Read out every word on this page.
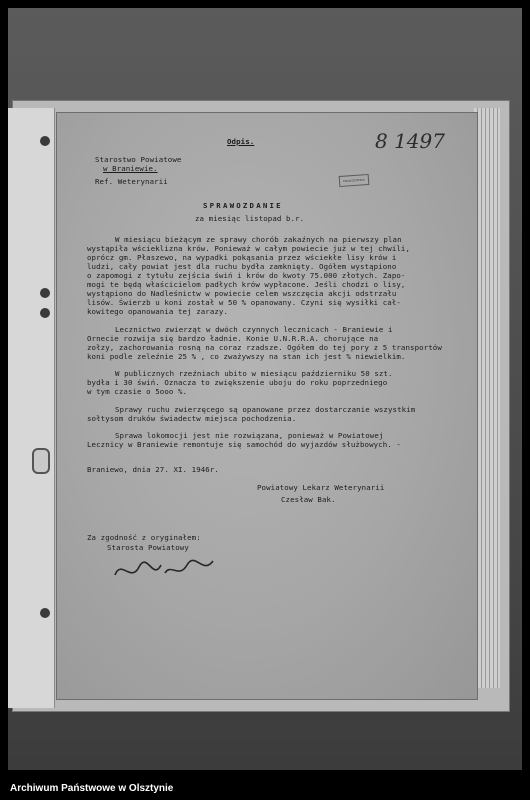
Odpis.	8 1497
▭▭▭▭▭▭
Starostwo Powiatowe
w Braniewie.
Ref. Weterynarii
SPRAWOZDANIE
za miesiąc listopad b.r.
W miesiącu bieżącym ze sprawy chorób zakaźnych na pierwszy plan
wystąpiła wścieklizna krów. Ponieważ w całym powiecie już w tej chwili,
oprócz gm. Płaszewo, na wypadki pokąsania przez wściekłe lisy krów i
ludzi, cały powiat jest dla ruchu bydła zamknięty. Ogółem wystąpiono
o zapomogi z tytułu zejścia świń i krów do kwoty 75.000 złotych. Zapo-
mogi te będą właścicielom padłych krów wypłacone. Jeśli chodzi o lisy,
wystąpiono do Nadleśnictw w powiecie celem wszczęcia akcji odstrzału
lisów. Świerzb u koni został w 50 % opanowany. Czyni się wysiłki cał-
kowitego opanowania tej zarazy.
Lecznictwo zwierząt w dwóch czynnych lecznicach - Braniewie i
Ornecie rozwija się bardzo ładnie. Konie U.N.R.R.A. chorujące na
zołzy, zachorowania rosną na coraz rzadsze. Ogółem do tej pory z 5 transportów
koni podle zeleźnie 25 % , co zważywszy na stan ich jest % niewielkim.
W publicznych rzeźniach ubito w miesiącu październiku 50 szt.
bydła i 30 świń. Oznacza to zwiększenie uboju do roku poprzedniego
w tym czasie o 5ooo %.
Sprawy ruchu zwierzęcego są opanowane przez dostarczanie wszystkim
sołtysom druków świadectw miejsca pochodzenia.
Sprawa lokomocji jest nie rozwiązana, ponieważ w Powiatowej
Lecznicy w Braniewie remontuje się samochód do wyjazdów służbowych. -
Braniewo, dnia 27. XI. 1946r.
Powiatowy Lekarz Weterynarii
Czesław Bak.
Za zgodność z oryginałem:
Starosta Powiatowy
Archiwum Państwowe w Olsztynie
